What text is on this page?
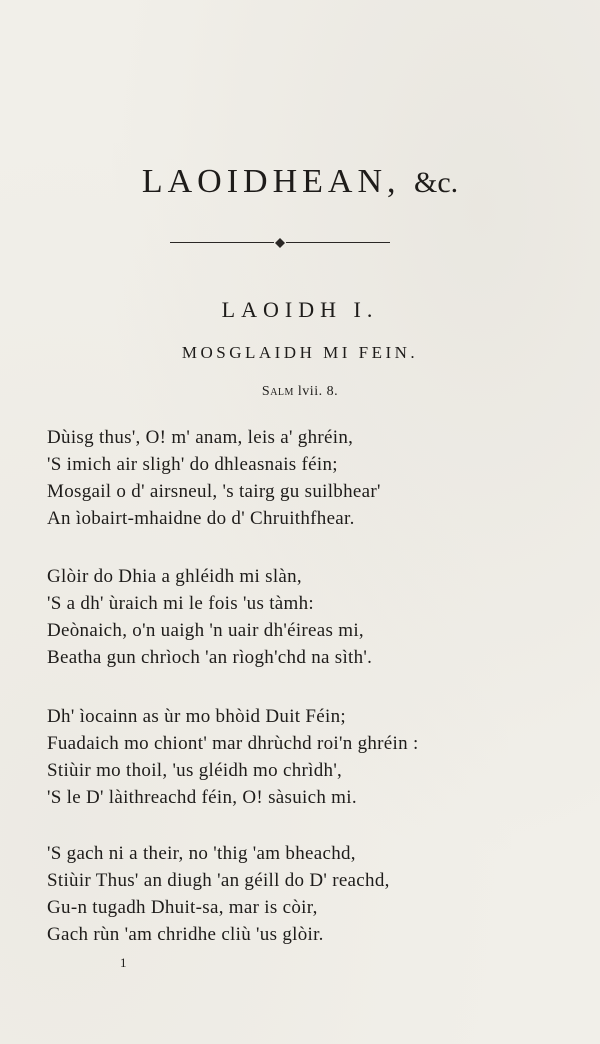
LAOIDHEAN, &c.
LAOIDH I.
MOSGLAIDH MI FEIN.
Salm lvii. 8.
Dùisg thus', O! m' anam, leis a' ghréin,
'S imich air sligh' do dhleasnais féin;
Mosgail o d' airsneul, 's tairg gu suilbhear'
An ìobairt-mhaidne do d' Chruithfhear.
Glòir do Dhia a ghléidh mi slàn,
'S a dh' ùraich mi le fois 'us tàmh:
Deònaich, o'n uaigh 'n uair dh'éireas mi,
Beatha gun chrìoch 'an rìogh'chd na sìth'.
Dh' ìocainn as ùr mo bhòid Duit Féin;
Fuadaich mo chiont' mar dhrùchd roi'n ghréin :
Stiùir mo thoil, 'us gléidh mo chrìdh',
'S le D' làithreachd féin, O! sàsuich mi.
'S gach ni a their, no 'thig 'am bheachd,
Stiùir Thus' an diugh 'an géill do D' reachd,
Gu-n tugadh Dhuit-sa, mar is còir,
Gach rùn 'am chridhe cliù 'us glòir.
1
